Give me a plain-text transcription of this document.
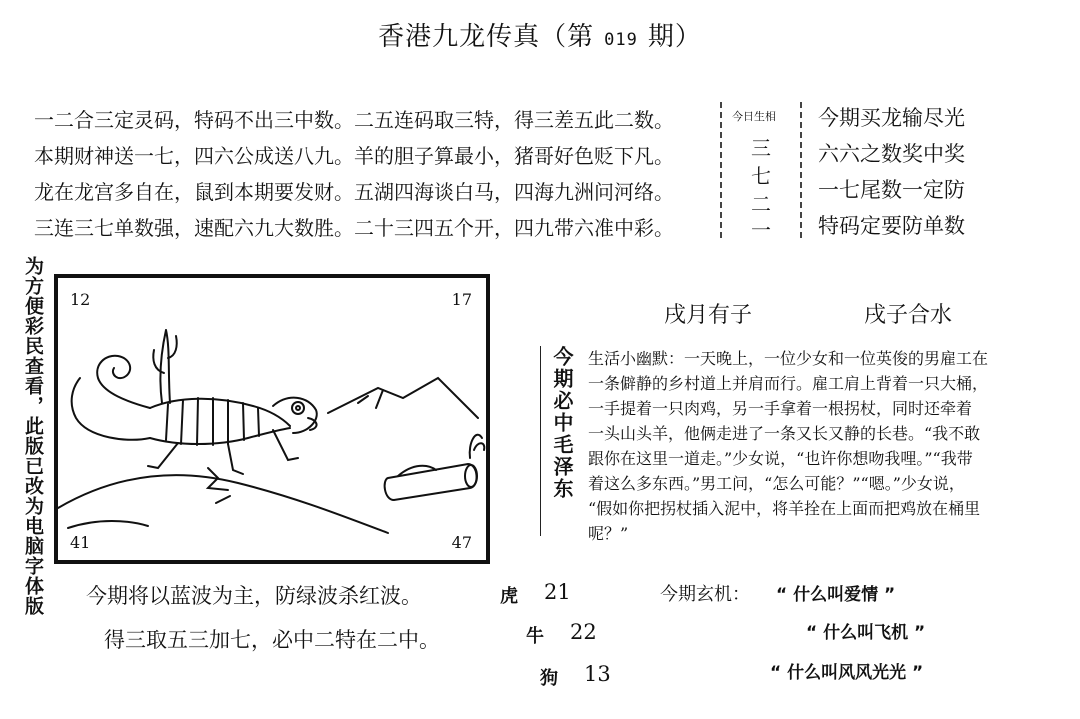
香港九龙传真（第 019 期）
一二合三定灵码，特码不出三中数。二五连码取三特，得三差五此二数。
本期财神送一七，四六公成送八九。羊的胆子算最小，猪哥好色贬下凡。
龙在龙宫多自在，鼠到本期要发财。五湖四海谈白马，四海九洲问河络。
三连三七单数强，速配六九大数胜。二十三四五个开，四九带六准中彩。
今日生相
三
七
二
一
今期买龙输尽光
六六之数奖中奖
一七尾数一定防
特码定要防单数
为方便彩民查看，此版已改为电脑字体版 12	17
41	47
戌月有子	戌子合水
今期必中毛泽东 生活小幽默：一天晚上，一位少女和一位英俊的男雇工在
一条僻静的乡村道上并肩而行。雇工肩上背着一只大桶，
一手提着一只肉鸡，另一手拿着一根拐杖，同时还牵着
一头山头羊，他俩走进了一条又长又静的长巷。“我不敢
跟你在这里一道走。”少女说，“也许你想吻我哩。”“我带
着这么多东西。”男工问，“怎么可能？”“嗯。”少女说，
“假如你把拐杖插入泥中，将羊拴在上面而把鸡放在桶里
呢？”
今期将以蓝波为主，防绿波杀红波。
得三取五三加七，必中二特在二中。
虎 21
牛 22
狗 13
今期玄机： “ 什么叫爱情 ”
“ 什么叫飞机 ”
“ 什么叫风风光光 ”
